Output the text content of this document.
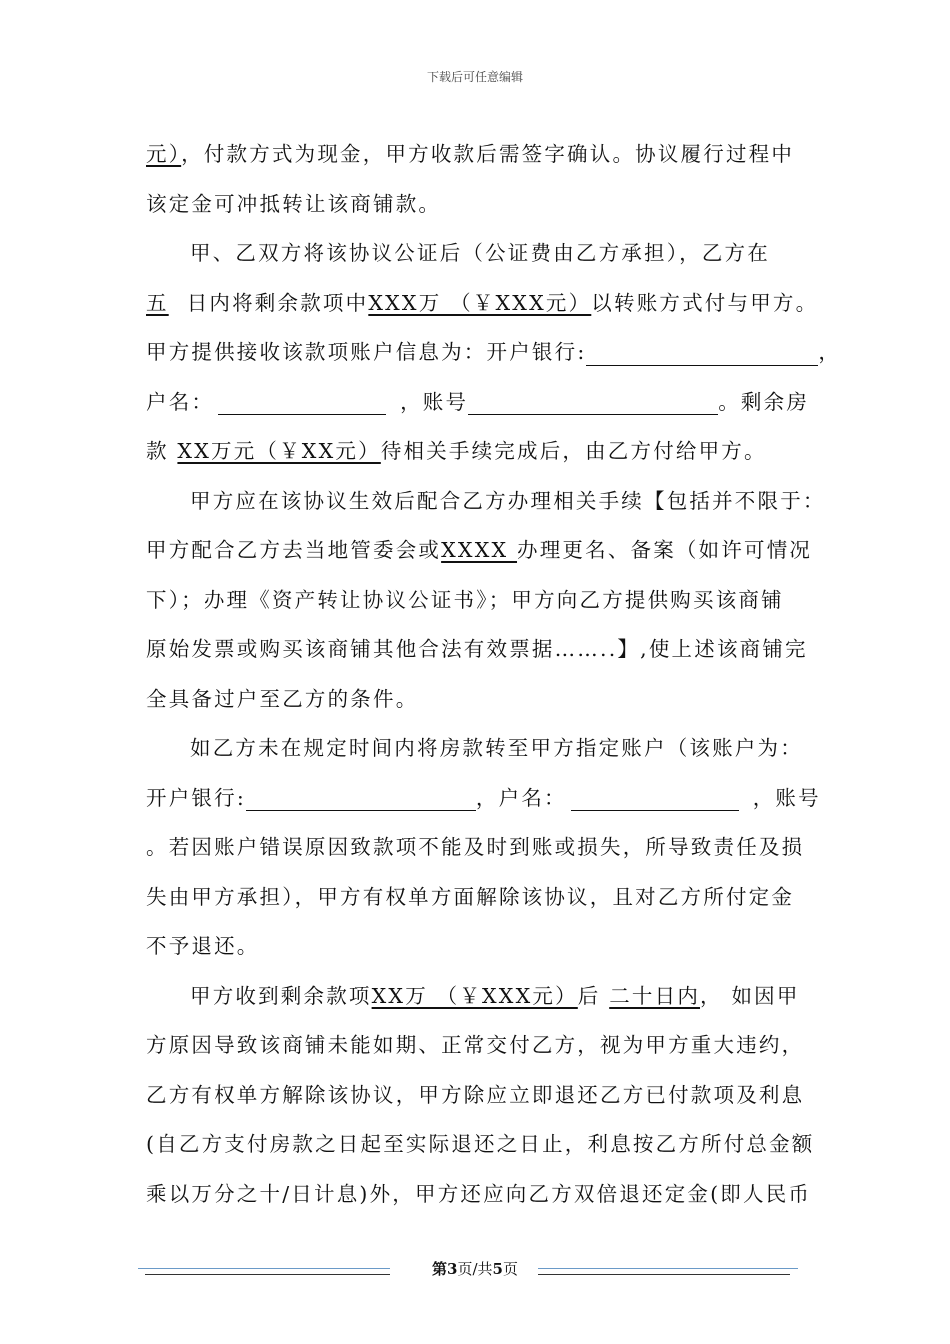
下载后可任意编辑
元），付款方式为现金，甲方收款后需签字确认。协议履行过程中
该定金可冲抵转让该商铺款。
甲、乙双方将该协议公证后（公证费由乙方承担），乙方在
五 日内将剩余款项中XXX万 （￥XXX元）以转账方式付与甲方。
甲方提供接收该款项账户信息为：开户银行:	，
户名：	，账号	。剩余房
款 XX万元（￥XX元）待相关手续完成后，由乙方付给甲方。
甲方应在该协议生效后配合乙方办理相关手续【包括并不限于：
甲方配合乙方去当地管委会或XXXX 办理更名、备案（如许可情况
下）；办理《资产转让协议公证书》；甲方向乙方提供购买该商铺
原始发票或购买该商铺其他合法有效票据……..】,使上述该商铺完
全具备过户至乙方的条件。
如乙方未在规定时间内将房款转至甲方指定账户（该账户为：
开户银行:	，户名：	，账号
。若因账户错误原因致款项不能及时到账或损失，所导致责任及损
失由甲方承担），甲方有权单方面解除该协议，且对乙方所付定金
不予退还。
甲方收到剩余款项XX万 （￥XXX元）后 二十日内， 如因甲
方原因导致该商铺未能如期、正常交付乙方，视为甲方重大违约，
乙方有权单方解除该协议，甲方除应立即退还乙方已付款项及利息
(自乙方支付房款之日起至实际退还之日止，利息按乙方所付总金额
乘以万分之十/日计息)外，甲方还应向乙方双倍退还定金(即人民币
第3页/共5页
